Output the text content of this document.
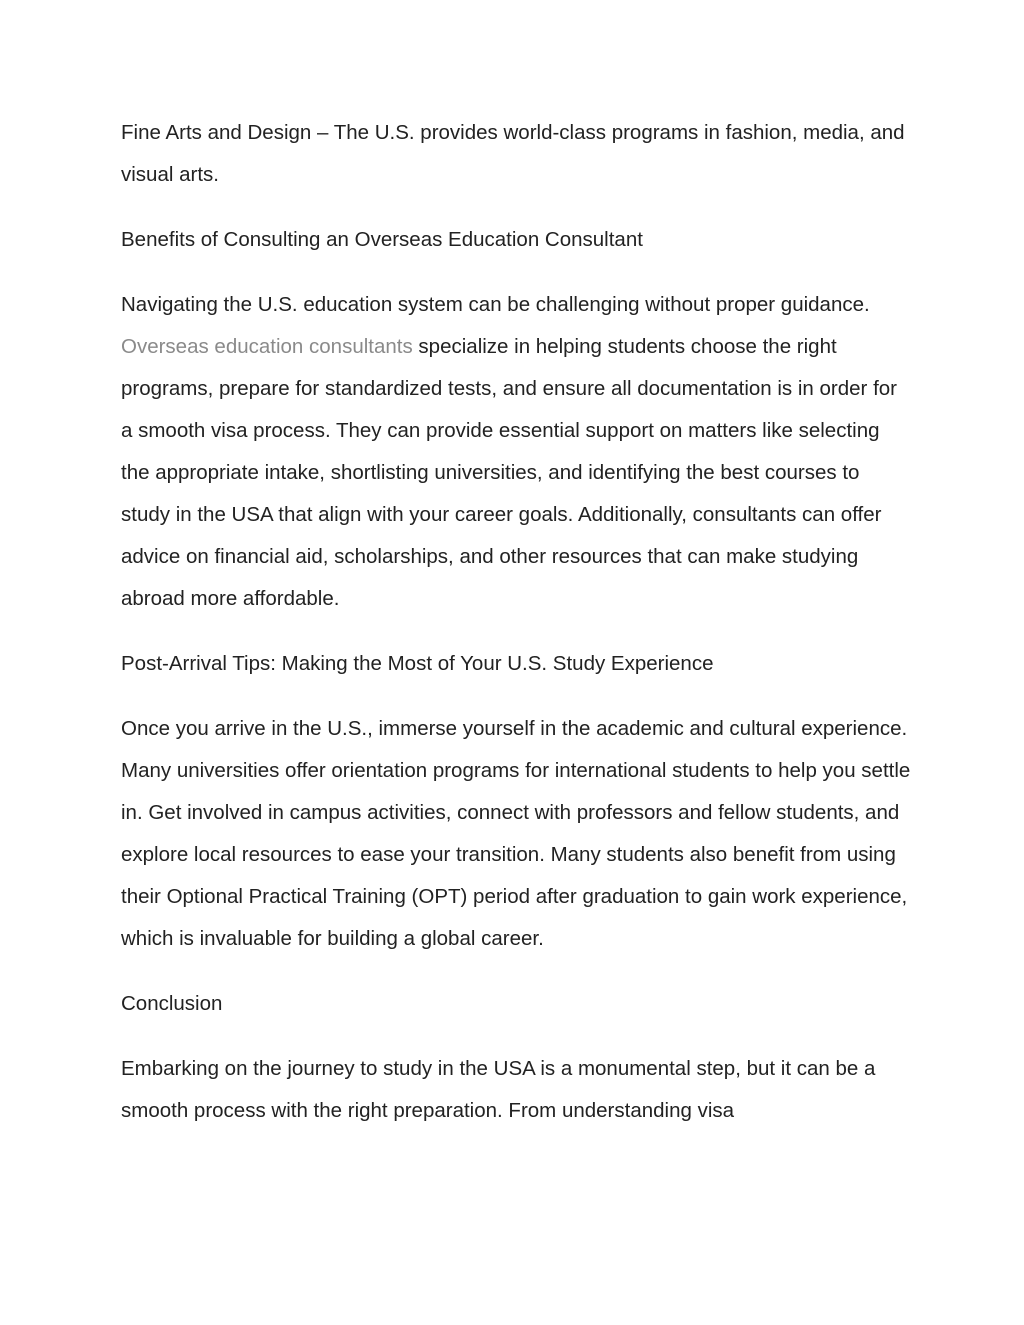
Fine Arts and Design – The U.S. provides world-class programs in fashion, media, and visual arts.

Benefits of Consulting an Overseas Education Consultant

Navigating the U.S. education system can be challenging without proper guidance. Overseas education consultants specialize in helping students choose the right programs, prepare for standardized tests, and ensure all documentation is in order for a smooth visa process. They can provide essential support on matters like selecting the appropriate intake, shortlisting universities, and identifying the best courses to study in the USA that align with your career goals. Additionally, consultants can offer advice on financial aid, scholarships, and other resources that can make studying abroad more affordable.

Post-Arrival Tips: Making the Most of Your U.S. Study Experience

Once you arrive in the U.S., immerse yourself in the academic and cultural experience. Many universities offer orientation programs for international students to help you settle in. Get involved in campus activities, connect with professors and fellow students, and explore local resources to ease your transition. Many students also benefit from using their Optional Practical Training (OPT) period after graduation to gain work experience, which is invaluable for building a global career.

Conclusion

Embarking on the journey to study in the USA is a monumental step, but it can be a smooth process with the right preparation. From understanding visa
